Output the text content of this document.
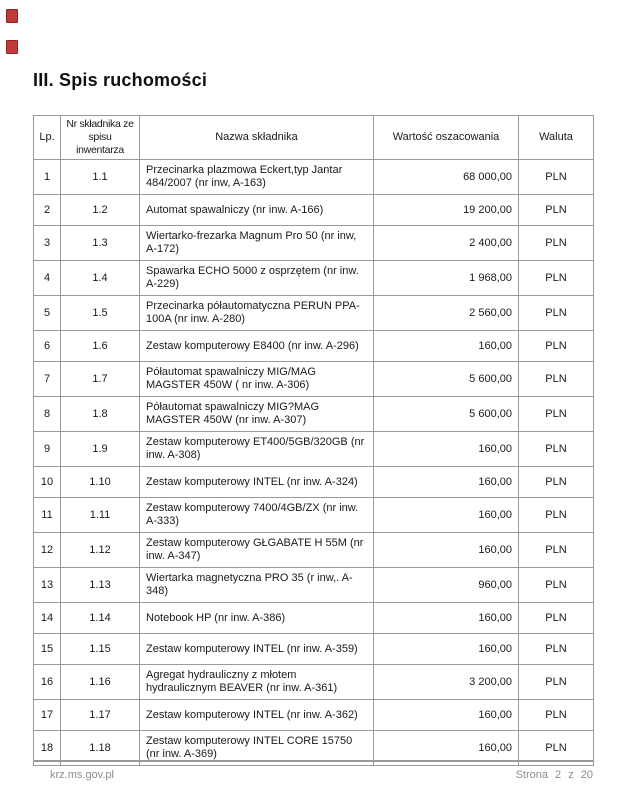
III. Spis ruchomości
Lp.	Nr składnika ze spisu inwentarza	Nazwa składnika	Wartość oszacowania	Waluta
1	1.1	Przecinarka plazmowa Eckert,typ Jantar 484/2007 (nr inw, A-163)	68 000,00	PLN
2	1.2	Automat spawalniczy (nr inw. A-166)	19 200,00	PLN
3	1.3	Wiertarko-frezarka Magnum Pro 50 (nr inw, A-172)	2 400,00	PLN
4	1.4	Spawarka ECHO 5000 z osprzętem (nr inw. A-229)	1 968,00	PLN
5	1.5	Przecinarka półautomatyczna PERUN PPA-100A (nr inw. A-280)	2 560,00	PLN
6	1.6	Zestaw komputerowy E8400 (nr inw. A-296)	160,00	PLN
7	1.7	Półautomat spawalniczy MIG/MAG MAGSTER 450W ( nr inw. A-306)	5 600,00	PLN
8	1.8	Półautomat spawalniczy MIG?MAG MAGSTER 450W (nr inw. A-307)	5 600,00	PLN
9	1.9	Zestaw komputerowy ET400/5GB/320GB (nr inw. A-308)	160,00	PLN
10	1.10	Zestaw komputerowy INTEL (nr inw. A-324)	160,00	PLN
11	1.11	Zestaw komputerowy 7400/4GB/ZX (nr inw. A-333)	160,00	PLN
12	1.12	Zestaw komputerowy GŁGABATE H 55M (nr inw. A-347)	160,00	PLN
13	1.13	Wiertarka magnetyczna PRO 35 (r inw,. A-348)	960,00	PLN
14	1.14	Notebook HP (nr inw. A-386)	160,00	PLN
15	1.15	Zestaw komputerowy INTEL (nr inw. A-359)	160,00	PLN
16	1.16	Agregat hydrauliczny z młotem hydraulicznym BEAVER (nr inw. A-361)	3 200,00	PLN
17	1.17	Zestaw komputerowy INTEL (nr inw. A-362)	160,00	PLN
18	1.18	Zestaw komputerowy INTEL CORE 15750 (nr inw. A-369)	160,00	PLN
krz.ms.gov.pl	Strona 2 z 20
